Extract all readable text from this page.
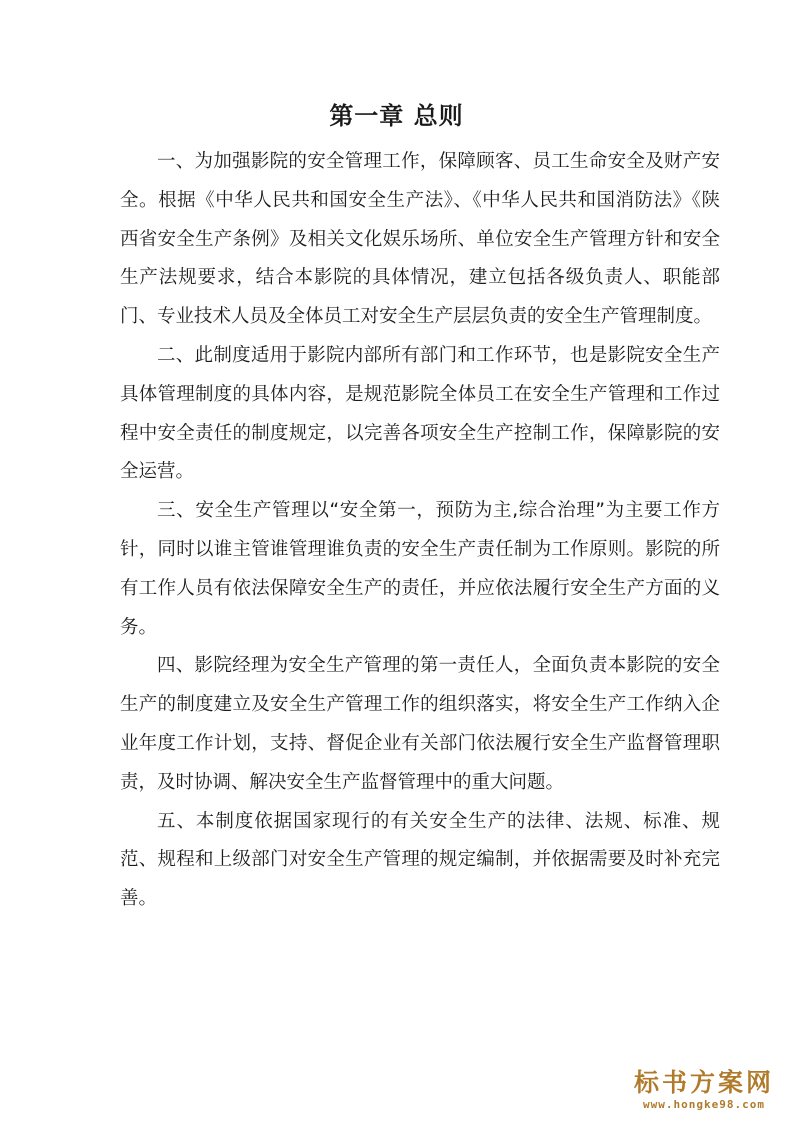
第一章 总则

一、为加强影院的安全管理工作，保障顾客、员工生命安全及财产安全。根据《中华人民共和国安全生产法》、《中华人民共和国消防法》《陕西省安全生产条例》及相关文化娱乐场所、单位安全生产管理方针和安全生产法规要求，结合本影院的具体情况，建立包括各级负责人、职能部门、专业技术人员及全体员工对安全生产层层负责的安全生产管理制度。

二、此制度适用于影院内部所有部门和工作环节，也是影院安全生产具体管理制度的具体内容，是规范影院全体员工在安全生产管理和工作过程中安全责任的制度规定，以完善各项安全生产控制工作，保障影院的安全运营。

三、安全生产管理以“安全第一，预防为主,综合治理”为主要工作方针，同时以谁主管谁管理谁负责的安全生产责任制为工作原则。影院的所有工作人员有依法保障安全生产的责任，并应依法履行安全生产方面的义务。

四、影院经理为安全生产管理的第一责任人，全面负责本影院的安全生产的制度建立及安全生产管理工作的组织落实，将安全生产工作纳入企业年度工作计划，支持、督促企业有关部门依法履行安全生产监督管理职责，及时协调、解决安全生产监督管理中的重大问题。

五、本制度依据国家现行的有关安全生产的法律、法规、标准、规范、规程和上级部门对安全生产管理的规定编制，并依据需要及时补充完善。

标书方案网
www.hongke98.com
